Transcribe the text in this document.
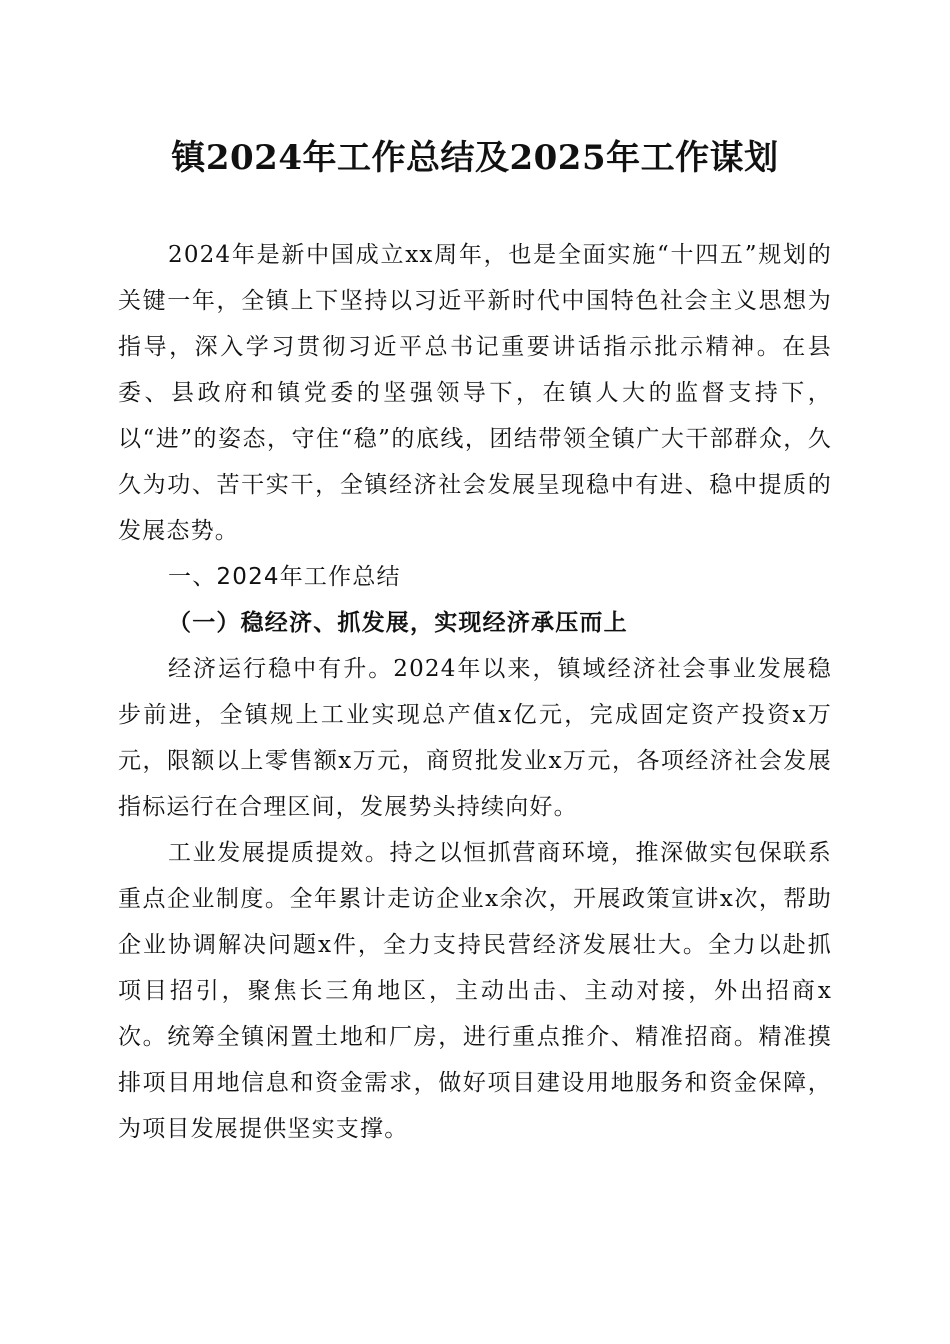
镇2024年工作总结及2025年工作谋划

2024年是新中国成立xx周年，也是全面实施“十四五”规划的关键一年，全镇上下坚持以习近平新时代中国特色社会主义思想为指导，深入学习贯彻习近平总书记重要讲话指示批示精神。在县委、县政府和镇党委的坚强领导下，在镇人大的监督支持下，以“进”的姿态，守住“稳”的底线，团结带领全镇广大干部群众，久久为功、苦干实干，全镇经济社会发展呈现稳中有进、稳中提质的发展态势。

一、2024年工作总结

（一）稳经济、抓发展，实现经济承压而上

经济运行稳中有升。2024年以来，镇域经济社会事业发展稳步前进，全镇规上工业实现总产值x亿元，完成固定资产投资x万元，限额以上零售额x万元，商贸批发业x万元，各项经济社会发展指标运行在合理区间，发展势头持续向好。

工业发展提质提效。持之以恒抓营商环境，推深做实包保联系重点企业制度。全年累计走访企业x余次，开展政策宣讲x次，帮助企业协调解决问题x件，全力支持民营经济发展壮大。全力以赴抓项目招引，聚焦长三角地区，主动出击、主动对接，外出招商x次。统筹全镇闲置土地和厂房，进行重点推介、精准招商。精准摸排项目用地信息和资金需求，做好项目建设用地服务和资金保障，为项目发展提供坚实支撑。
